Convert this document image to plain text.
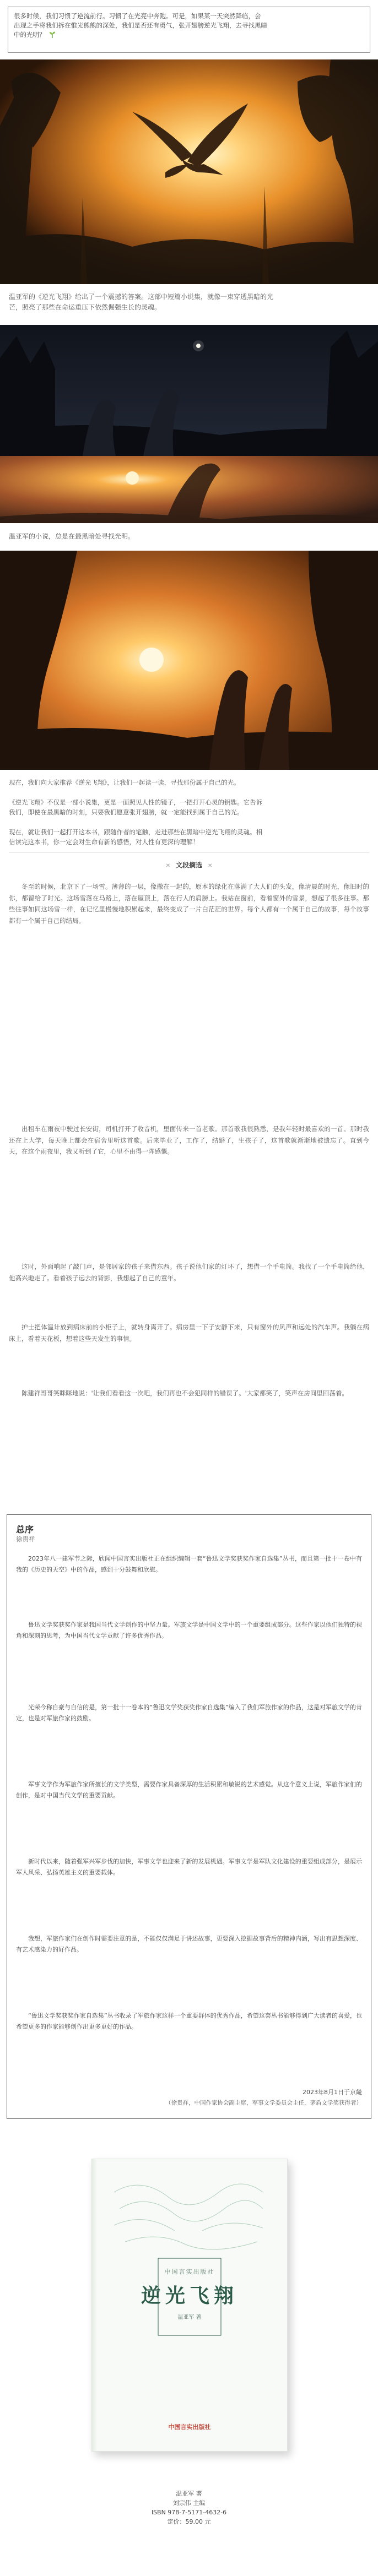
很多时候，我们习惯了逆流前行。习惯了在光亮中奔跑。可是，如果某一天突然降临，会
出现之手将我们拆在惟光熊熊的深处，我们是否还有勇气，张开翅膀逆光飞翔，去寻找黑暗
中的光明？

温亚军的《逆光飞翔》给出了一个震撼的答案。这部中短篇小说集，就像一束穿透黑暗的光
芒，照亮了那些在命运重压下依然倔强生长的灵魂。

温亚军的小说，总是在最黑暗处寻找光明。

现在，我们向大家推荐《逆光飞翔》，让我们一起读一读，寻找那份属于自己的光。

《逆光飞翔》不仅是一部小说集，更是一面照见人性的镜子，一把打开心灵的钥匙。它告诉
我们，即使在最黑暗的时刻，只要我们愿意张开翅膀，就一定能找到属于自己的光。

现在，就让我们一起打开这本书，跟随作者的笔触，走进那些在黑暗中逆光飞翔的灵魂。相
信读完这本书，你一定会对生命有新的感悟，对人性有更深的理解！

✕ 文段摘选 ✕

冬至的时候，北京下了一场雪。薄薄的一层，像撒在一起的，原本的绿化在落满了大人们的头发，像清晨的时光，像旧时的你，都留给了时光。这场雪落在马路上，落在屋顶上，落在行人的肩膀上。我站在窗前，看着窗外的雪景，想起了很多往事。那些往事如同这场雪一样，在记忆里慢慢地积累起来，最终变成了一片白茫茫的世界。每个人都有一个属于自己的故事，每个故事都有一个属于自己的结局。

出租车在雨夜中驶过长安街，司机打开了收音机，里面传来一首老歌。那首歌我很熟悉，是我年轻时最喜欢的一首。那时我还在上大学，每天晚上都会在宿舍里听这首歌。后来毕业了，工作了，结婚了，生孩子了，这首歌就渐渐地被遗忘了。直到今天，在这个雨夜里，我又听到了它，心里不由得一阵感慨。

这时，外面响起了敲门声，是邻居家的孩子来借东西。孩子说他们家的灯坏了，想借一个手电筒。我找了一个手电筒给他，他高兴地走了。看着孩子远去的背影，我想起了自己的童年。

护士把体温计放到病床前的小柜子上，就转身离开了。病房里一下子安静下来，只有窗外的风声和远处的汽车声。我躺在病床上，看着天花板，想着这些天发生的事情。

陈建祥哥哥笑眯眯地说：'让我们看看这一次吧，我们再也不会犯同样的错误了。'大家都笑了，笑声在房间里回荡着。

总序
徐贵祥

2023年八一建军节之际，欣闻中国言实出版社正在组织编辑一套“鲁迅文学奖获奖作家自选集”丛书，而且第一批十一卷中有我的《历史的天空》中的作品，感到十分鼓舞和欣慰。

鲁迅文学奖获奖作家是我国当代文学创作的中坚力量。军旅文学是中国文学中的一个重要组成部分。这些作家以他们独特的视角和深刻的思考，为中国当代文学贡献了许多优秀作品。

光荣今称自豪与自信的是，第一批十一卷本的“鲁迅文学奖获奖作家自选集”编入了我们军旅作家的作品，这是对军旅文学的肯定，也是对军旅作家的鼓励。

军事文学作为军旅作家所擅长的文学类型，需要作家具备深厚的生活积累和敏锐的艺术感觉。从这个意义上说，军旅作家们的创作，是对中国当代文学的重要贡献。

新时代以来，随着强军兴军步伐的加快，军事文学也迎来了新的发展机遇。军事文学是军队文化建设的重要组成部分，是展示军人风采、弘扬英雄主义的重要载体。

我想，军旅作家们在创作时需要注意的是，不能仅仅满足于讲述故事，更要深入挖掘故事背后的精神内涵，写出有思想深度、有艺术感染力的好作品。

“鲁迅文学奖获奖作家自选集”丛书收录了军旅作家这样一个重要群体的优秀作品，希望这套丛书能够得到广大读者的喜爱，也希望更多的作家能够创作出更多更好的作品。

2023年8月1日于京畿
（徐贵祥，中国作家协会副主席，军事文学委员会主任，茅盾文学奖获得者）
中国言实出版社
逆光飞翔
温亚军 著
中国言实出版社
温亚军 著
刘宗伟 主编
ISBN 978-7-5171-4632-6
定价：59.00 元
